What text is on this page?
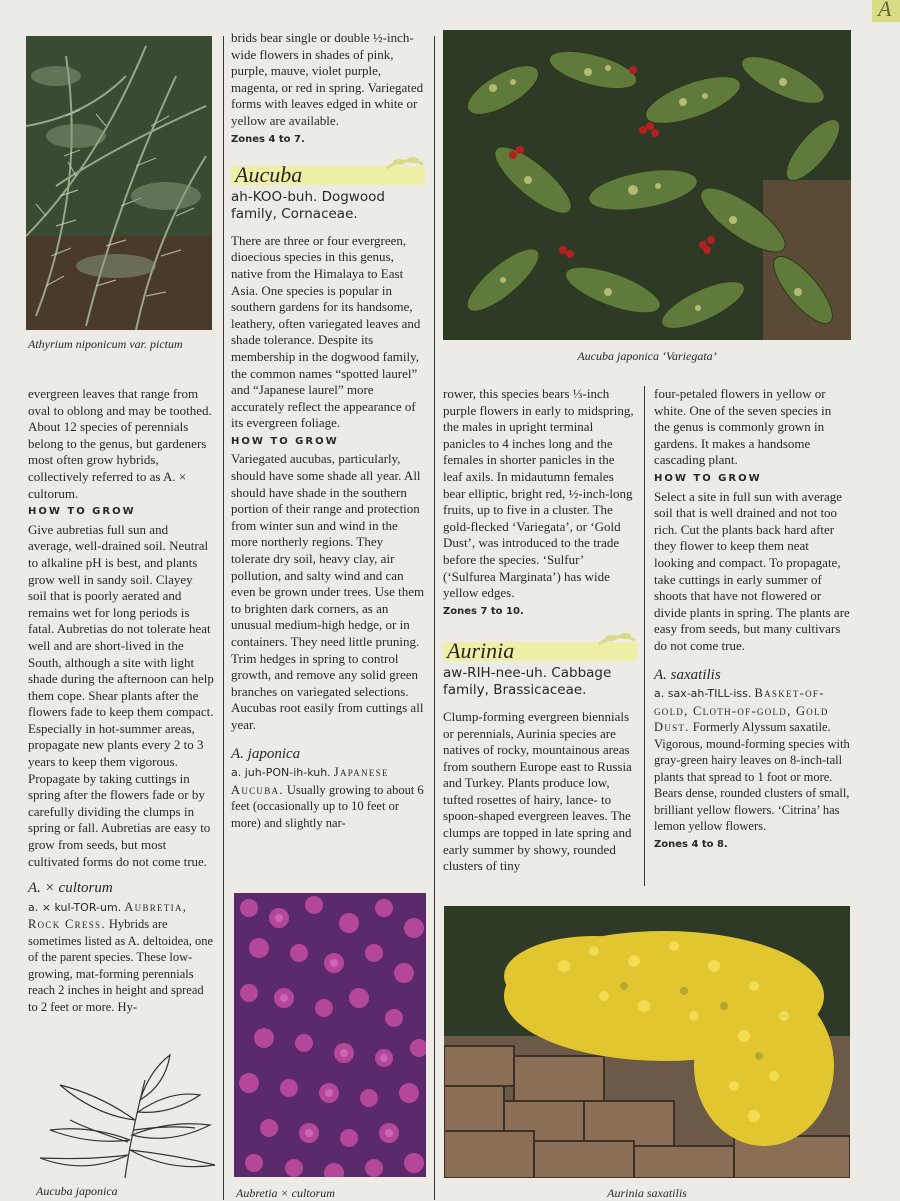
A
Athyrium niponicum var. pictum
Aucuba japonica ‘Variegata’
Aubretia × cultorum	Aurinia saxatilis
Aucuba japonica

evergreen leaves that range from oval to oblong and may be toothed. About 12 species of perennials belong to the genus, but gardeners most often grow hybrids, collectively referred to as A. × cultorum.

HOW TO GROW

Give aubretias full sun and average, well-drained soil. Neutral to alkaline pH is best, and plants grow well in sandy soil. Clayey soil that is poorly aerated and remains wet for long periods is fatal. Aubretias do not tolerate heat well and are short-lived in the South, although a site with light shade during the afternoon can help them cope. Shear plants after the flowers fade to keep them compact. Especially in hot-summer areas, propagate new plants every 2 to 3 years to keep them vigorous. Propagate by taking cuttings in spring after the flowers fade or by carefully dividing the clumps in spring or fall. Aubretias are easy to grow from seeds, but most cultivated forms do not come true.

A. × cultorum

a. × kul-TOR-um. Aubretia, Rock Cress. Hybrids are sometimes listed as A. deltoidea, one of the parent species. These low-growing, mat-forming perennials reach 2 inches in height and spread to 2 feet or more. Hy-

brids bear single or double ½-inch-wide flowers in shades of pink, purple, mauve, violet purple, magenta, or red in spring. Variegated forms with leaves edged in white or yellow are available.

Zones 4 to 7.
Aucuba

ah-KOO-buh. Dogwood family, Cornaceae.

There are three or four evergreen, dioecious species in this genus, native from the Himalaya to East Asia. One species is popular in southern gardens for its handsome, leathery, often variegated leaves and shade tolerance. Despite its membership in the dogwood family, the common names “spotted laurel” and “Japanese laurel” more accurately reflect the appearance of its evergreen foliage.

HOW TO GROW

Variegated aucubas, particularly, should have some shade all year. All should have shade in the southern portion of their range and protection from winter sun and wind in the more northerly regions. They tolerate dry soil, heavy clay, air pollution, and salty wind and can even be grown under trees. Use them to brighten dark corners, as an unusual medium-high hedge, or in containers. They need little pruning. Trim hedges in spring to control growth, and remove any solid green branches on variegated selections. Aucubas root easily from cuttings all year.

A. japonica

a. juh-PON-ih-kuh. Japanese Aucuba. Usually growing to about 6 feet (occasionally up to 10 feet or more) and slightly nar-

rower, this species bears ⅓-inch purple flowers in early to midspring, the males in upright terminal panicles to 4 inches long and the females in shorter panicles in the leaf axils. In midautumn females bear elliptic, bright red, ½-inch-long fruits, up to five in a cluster. The gold-flecked ‘Variegata’, or ‘Gold Dust’, was introduced to the trade before the species. ‘Sulfur’ (‘Sulfurea Marginata’) has wide yellow edges.

Zones 7 to 10.
Aurinia

aw-RIH-nee-uh. Cabbage family, Brassicaceae.

Clump-forming evergreen biennials or perennials, Aurinia species are natives of rocky, mountainous areas from southern Europe east to Russia and Turkey. Plants produce low, tufted rosettes of hairy, lance- to spoon-shaped evergreen leaves. The clumps are topped in late spring and early summer by showy, rounded clusters of tiny

four-petaled flowers in yellow or white. One of the seven species in the genus is commonly grown in gardens. It makes a handsome cascading plant.

HOW TO GROW

Select a site in full sun with average soil that is well drained and not too rich. Cut the plants back hard after they flower to keep them neat looking and compact. To propagate, take cuttings in early summer of shoots that have not flowered or divide plants in spring. The plants are easy from seeds, but many cultivars do not come true.

A. saxatilis

a. sax-ah-TILL-iss. Basket-of-gold, Cloth-of-gold, Gold Dust. Formerly Alyssum saxatile. Vigorous, mound-forming species with gray-green hairy leaves on 8-inch-tall plants that spread to 1 foot or more. Bears dense, rounded clusters of small, brilliant yellow flowers. ‘Citrina’ has lemon yellow flowers.

Zones 4 to 8.
